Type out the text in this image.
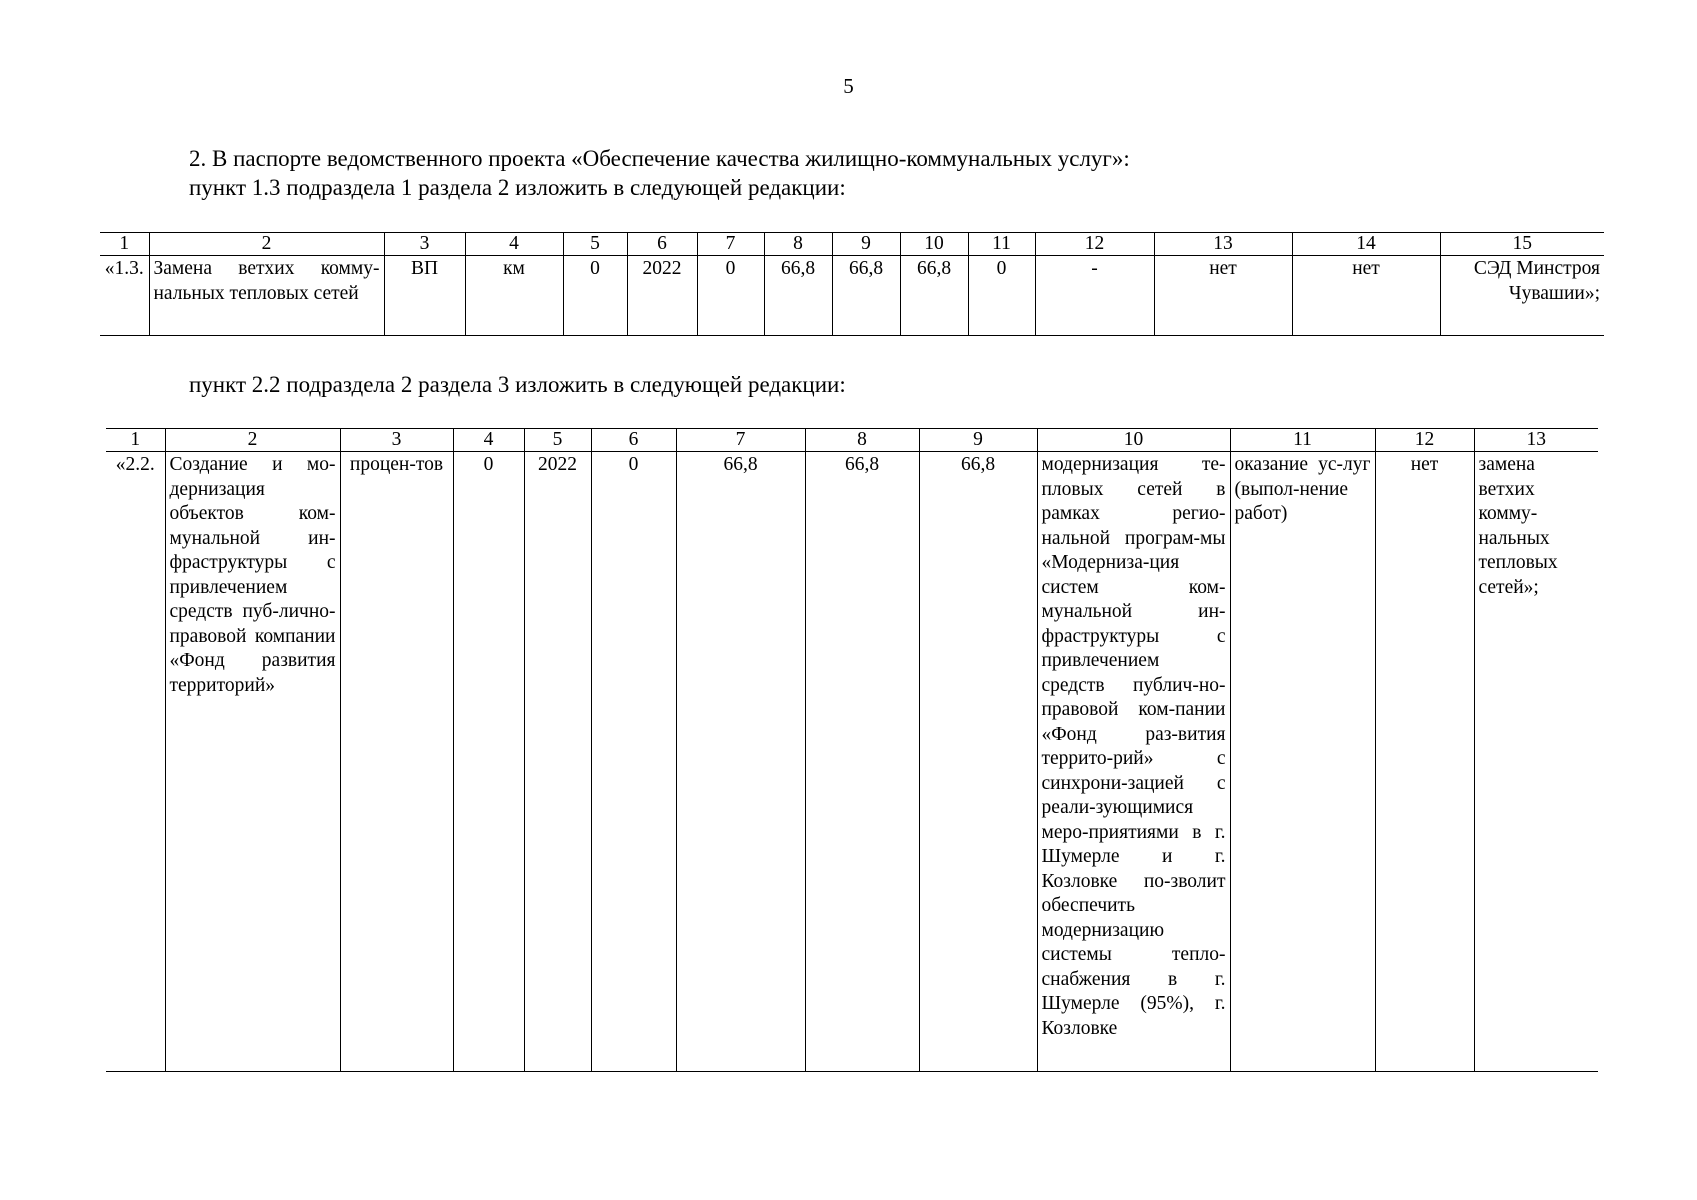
5
2. В паспорте ведомственного проекта «Обеспечение качества жилищно-коммунальных услуг»:
пункт 1.3 подраздела 1 раздела 2 изложить в следующей редакции:
1	2	3	4	5	6	7	8	9	10	11	12	13	14	15
«1.3.	Замена ветхих комму-нальных тепловых сетей	ВП	км	0	2022	0	66,8	66,8	66,8	0	-	нет	нет	СЭД Минстроя Чувашии»;
пункт 2.2 подраздела 2 раздела 3 изложить в следующей редакции:
1	2	3	4	5	6	7	8	9	10	11	12	13
«2.2.	Создание и мо-дернизация объектов ком-мунальной ин-фраструктуры с привлечением средств пуб-лично-правовой компании «Фонд развития территорий»	процен-тов	0	2022	0	66,8	66,8	66,8	модернизация те-пловых сетей в рамках регио-нальной програм-мы «Модерниза-ция систем ком-мунальной ин-фраструктуры с привлечением средств публич-но-правовой ком-пании «Фонд раз-вития террито-рий» с синхрони-зацией с реали-зующимися меро-приятиями в г. Шумерле и г. Козловке по-зволит обеспечить модернизацию системы тепло-снабжения в г. Шумерле (95%), г. Козловке	оказание ус-луг (выпол-нение работ)	нет	замена ветхих комму-нальных тепловых сетей»;
